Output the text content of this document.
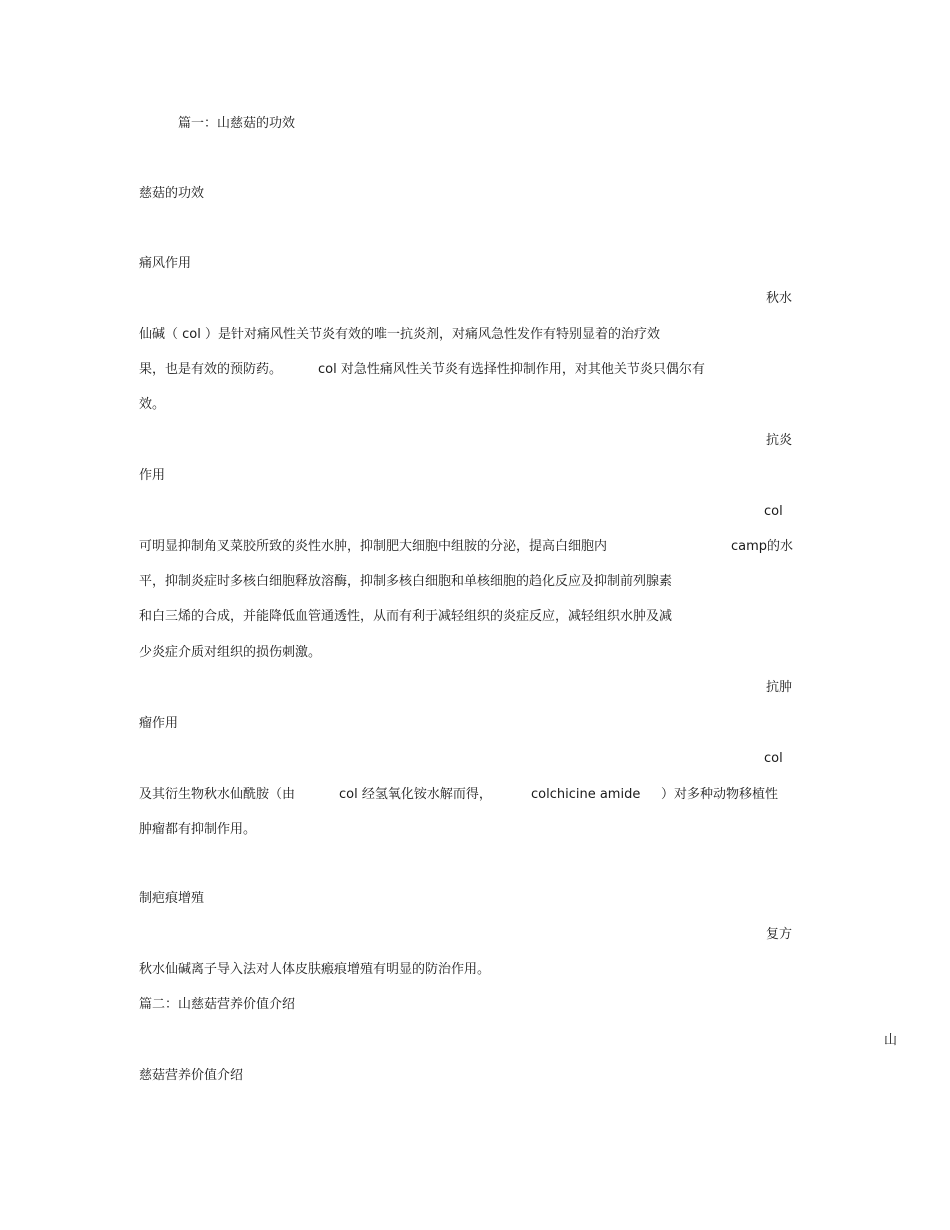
篇一：山慈菇的功效
慈菇的功效
痛风作用
秋水
仙碱（ col ）是针对痛风性关节炎有效的唯一抗炎剂，对痛风急性发作有特别显着的治疗效
果，也是有效的预防药。	col 对急性痛风性关节炎有选择性抑制作用，对其他关节炎只偶尔有
效。
抗炎
作用
col
可明显抑制角叉菜胶所致的炎性水肿，抑制肥大细胞中组胺的分泌，提高白细胞内	camp的水
平，抑制炎症时多核白细胞释放溶酶，抑制多核白细胞和单核细胞的趋化反应及抑制前列腺素
和白三烯的合成，并能降低血管通透性，从而有利于减轻组织的炎症反应，减轻组织水肿及减
少炎症介质对组织的损伤刺激。
抗肿
瘤作用
col
及其衍生物秋水仙酰胺（由	col 经氢氧化铵水解而得，	colchicine amide ）对多种动物移植性
肿瘤都有抑制作用。
制疤痕增殖
复方
秋水仙碱离子导入法对人体皮肤瘢痕增殖有明显的防治作用。
篇二：山慈菇营养价值介绍
山
慈菇营养价值介绍
